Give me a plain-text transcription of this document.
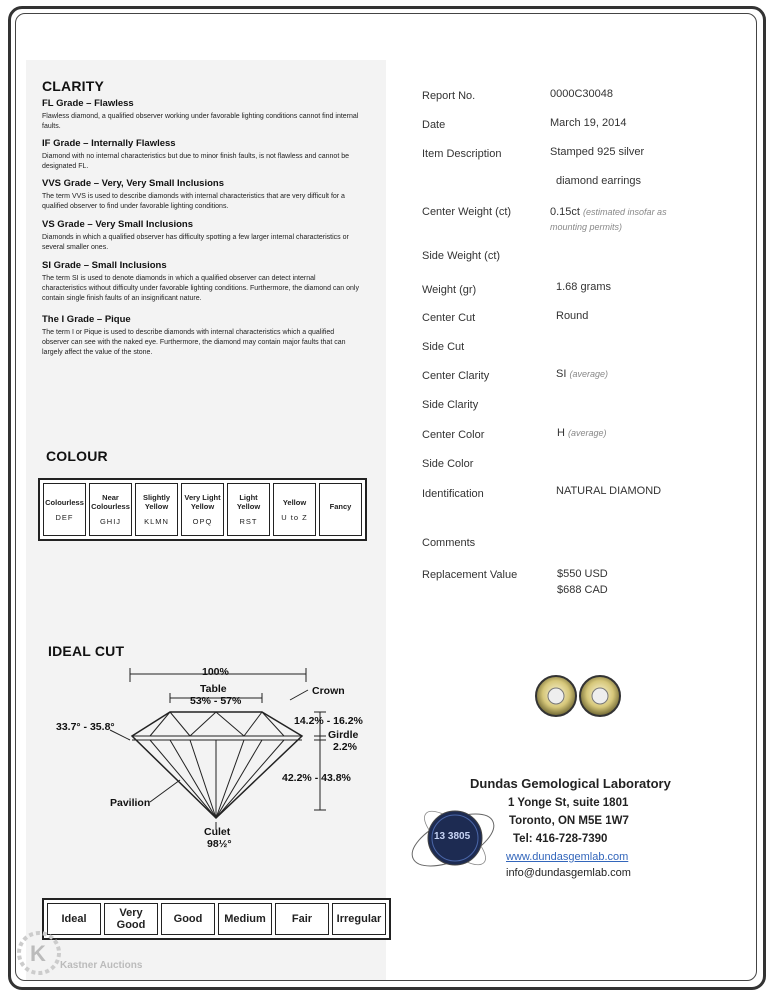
CLARITY
FL Grade – Flawless
Flawless diamond, a qualified observer working under favorable lighting conditions cannot find internal faults.
IF Grade – Internally Flawless
Diamond with no internal characteristics but due to minor finish faults, is not flawless and cannot be designated FL.
VVS Grade – Very, Very Small Inclusions
The term VVS is used to describe diamonds with internal characteristics that are very difficult for a qualified observer to find under favorable lighting conditions.
VS Grade – Very Small Inclusions
Diamonds in which a qualified observer has difficulty spotting a few larger internal characteristics or several smaller ones.
SI Grade – Small Inclusions
The term SI is used to denote diamonds in which a qualified observer can detect internal characteristics without difficulty under favorable lighting conditions. Furthermore, the diamond can only contain single finish faults of an insignificant nature.
The I Grade – Pique
The term I or Pique is used to describe diamonds with internal characteristics which a qualified observer can see with the naked eye. Furthermore, the diamond may contain major faults that can largely affect the value of the stone.
COLOUR
Colourless
DEF

Near Colourless
GHIJ

Slightly Yellow
KLMN

Very Light Yellow
OPQ

Light Yellow
RST

Yellow
U to Z

Fancy
IDEAL CUT
100%
Table
53% - 57%
Crown
33.7° - 35.8°	14.2% - 16.2%
Girdle
2.2%
42.2% - 43.8%
Pavilion
Culet
98½°
Ideal	Very Good	Good	Medium	Fair	Irregular
Report No.	0000C30048
Date	March 19, 2014
Item Description	Stamped 925 silver
diamond earrings
Center Weight (ct)	0.15ct (estimated insofar as mounting permits)
Side Weight (ct)
Weight (gr)	1.68 grams
Center Cut	Round
Side Cut
Center Clarity	SI (average)
Side Clarity
Center Color	H (average)
Side Color
Identification	NATURAL DIAMOND
Comments
Replacement Value	$550 USD
$688 CAD
Dundas Gemological Laboratory
1 Yonge St, suite 1801
Toronto, ON M5E 1W7
Tel: 416-728-7390
www.dundasgemlab.com
info@dundasgemlab.com
13 3805
K Kastner Auctions
